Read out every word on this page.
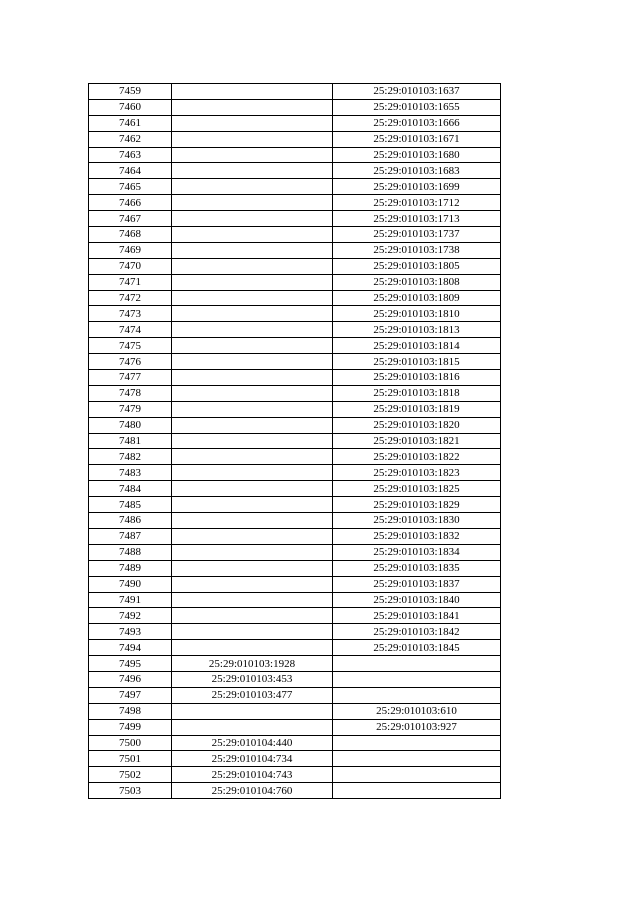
7459		25:29:010103:1637
7460		25:29:010103:1655
7461		25:29:010103:1666
7462		25:29:010103:1671
7463		25:29:010103:1680
7464		25:29:010103:1683
7465		25:29:010103:1699
7466		25:29:010103:1712
7467		25:29:010103:1713
7468		25:29:010103:1737
7469		25:29:010103:1738
7470		25:29:010103:1805
7471		25:29:010103:1808
7472		25:29:010103:1809
7473		25:29:010103:1810
7474		25:29:010103:1813
7475		25:29:010103:1814
7476		25:29:010103:1815
7477		25:29:010103:1816
7478		25:29:010103:1818
7479		25:29:010103:1819
7480		25:29:010103:1820
7481		25:29:010103:1821
7482		25:29:010103:1822
7483		25:29:010103:1823
7484		25:29:010103:1825
7485		25:29:010103:1829
7486		25:29:010103:1830
7487		25:29:010103:1832
7488		25:29:010103:1834
7489		25:29:010103:1835
7490		25:29:010103:1837
7491		25:29:010103:1840
7492		25:29:010103:1841
7493		25:29:010103:1842
7494		25:29:010103:1845
7495	25:29:010103:1928	
7496	25:29:010103:453	
7497	25:29:010103:477	
7498		25:29:010103:610
7499		25:29:010103:927
7500	25:29:010104:440	
7501	25:29:010104:734	
7502	25:29:010104:743	
7503	25:29:010104:760	
